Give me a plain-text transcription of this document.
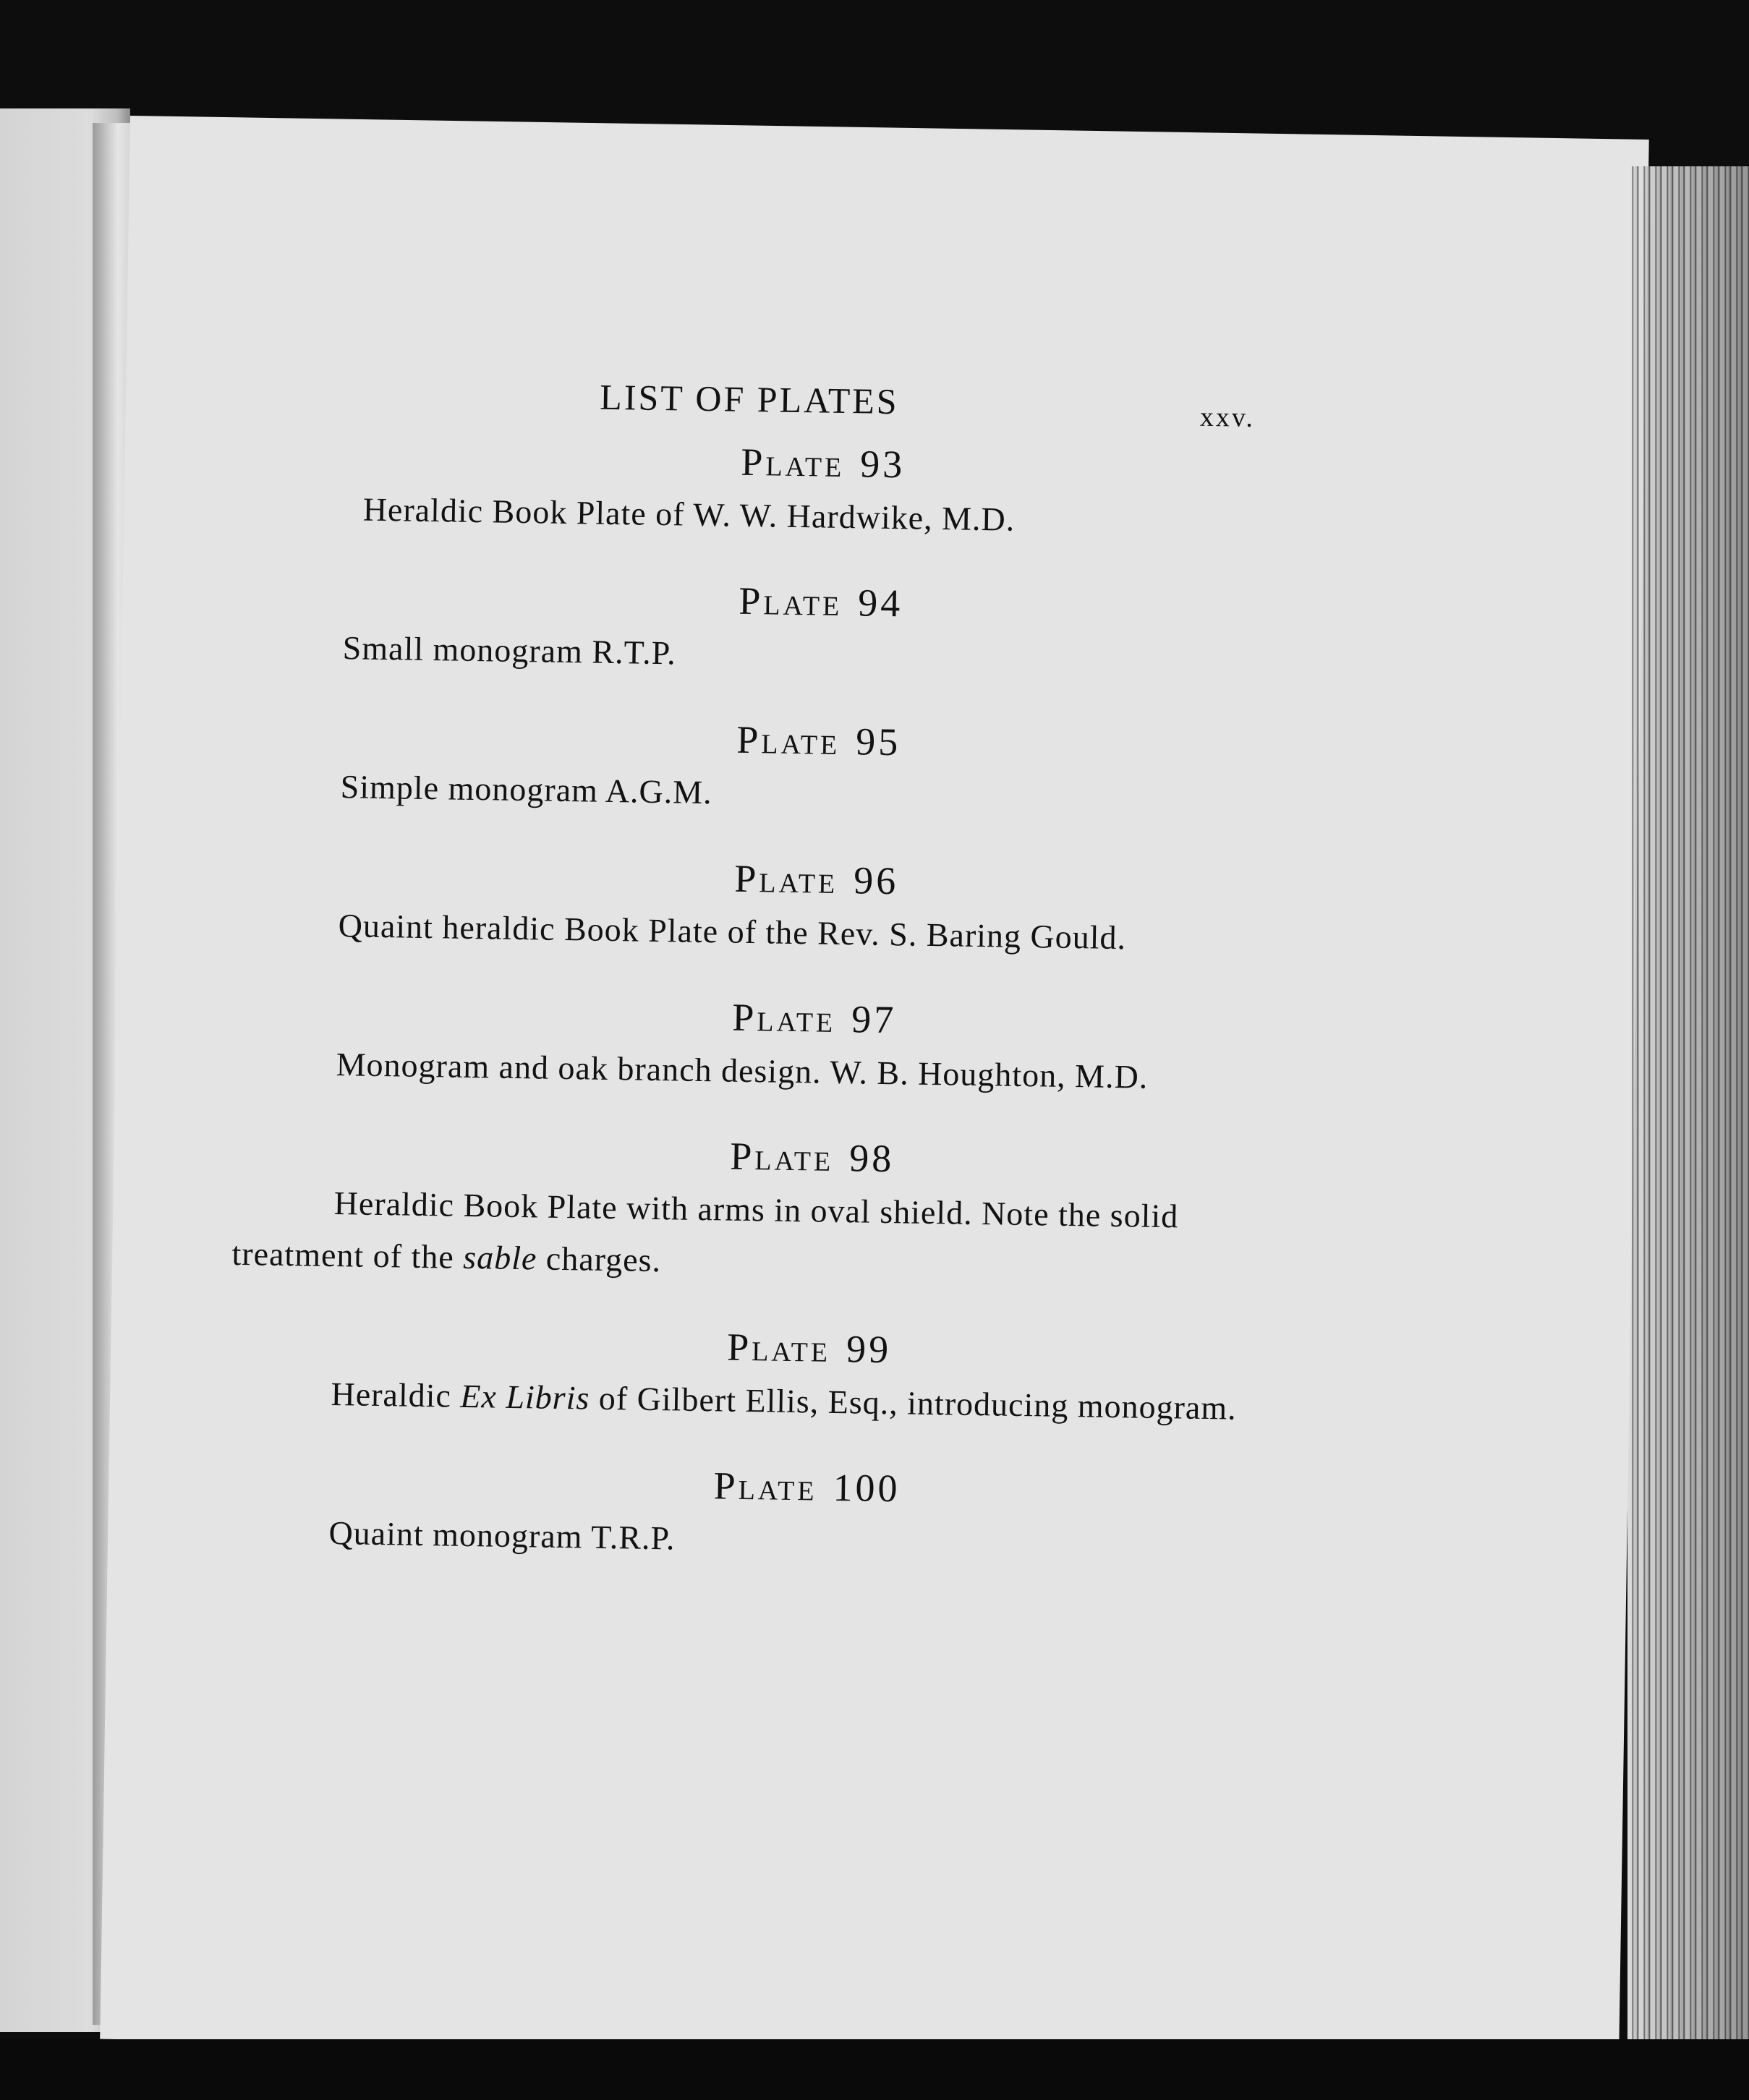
LIST OF PLATES	xxv.

Plate 93

Heraldic Book Plate of W. W. Hardwike, M.D.

Plate 94

Small monogram R.T.P.

Plate 95

Simple monogram A.G.M.

Plate 96

Quaint heraldic Book Plate of the Rev. S. Baring Gould.

Plate 97

Monogram and oak branch design. W. B. Houghton, M.D.

Plate 98

Heraldic Book Plate with arms in oval shield. Note the solid treatment of the sable charges.

Plate 99

Heraldic Ex Libris of Gilbert Ellis, Esq., introducing monogram.

Plate 100

Quaint monogram T.R.P.
